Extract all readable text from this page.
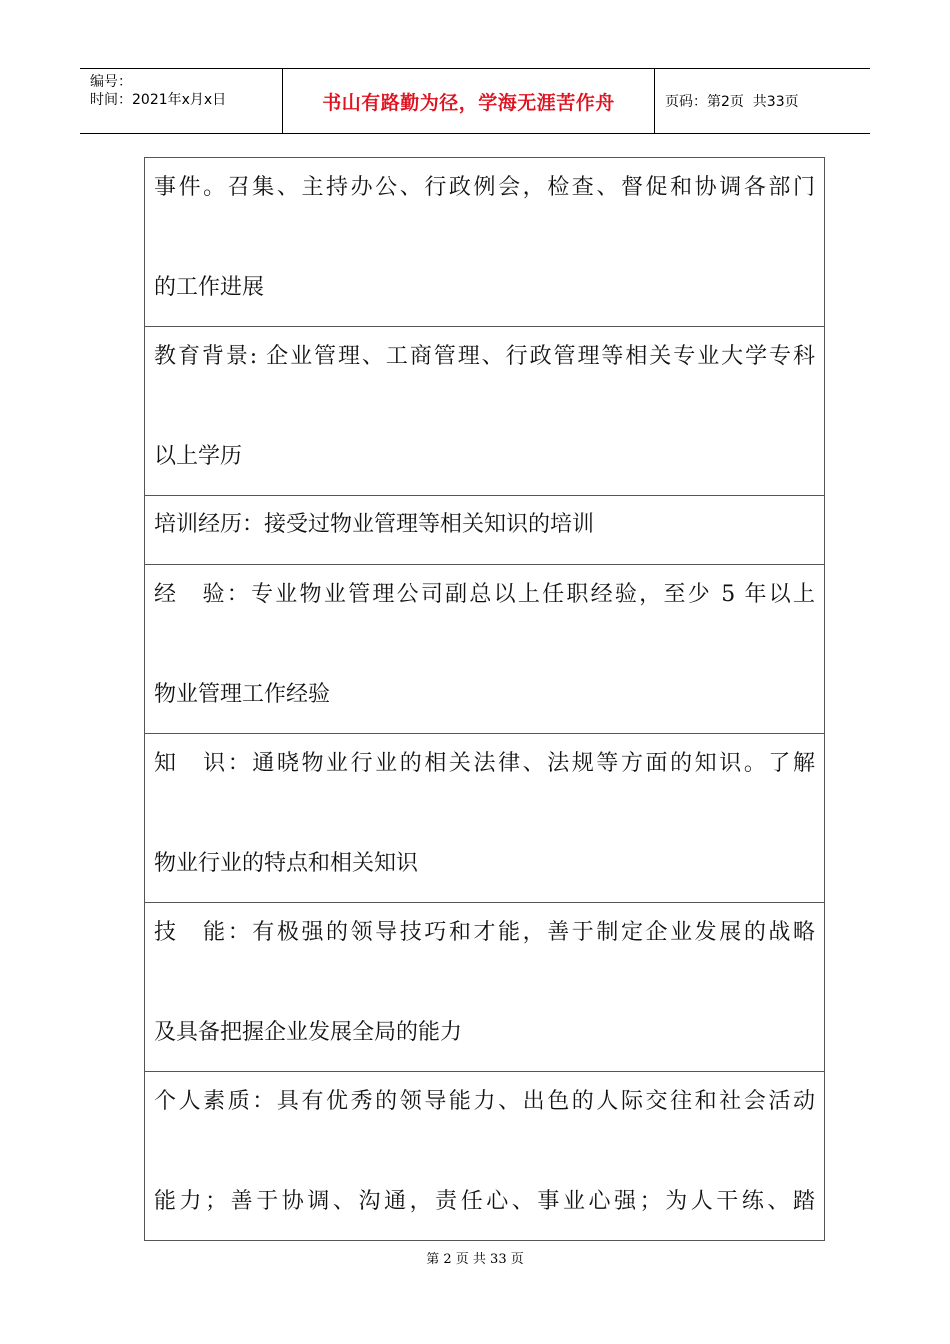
编号：
时间：2021年x月x日	书山有路勤为径，学海无涯苦作舟	页码：第2页  共33页
事件。召集、主持办公、行政例会，检查、督促和协调各部门
的工作进展

教育背景: 企业管理、工商管理、行政管理等相关专业大学专科
以上学历

培训经历：接受过物业管理等相关知识的培训

经　验：专业物业管理公司副总以上任职经验，至少 5 年以上
物业管理工作经验

知　识：通晓物业行业的相关法律、法规等方面的知识。了解
物业行业的特点和相关知识

技　能：有极强的领导技巧和才能，善于制定企业发展的战略
及具备把握企业发展全局的能力

个人素质：具有优秀的领导能力、出色的人际交往和社会活动
能力；善于协调、沟通，责任心、事业心强；为人干练、踏
第 2 页 共 33 页
